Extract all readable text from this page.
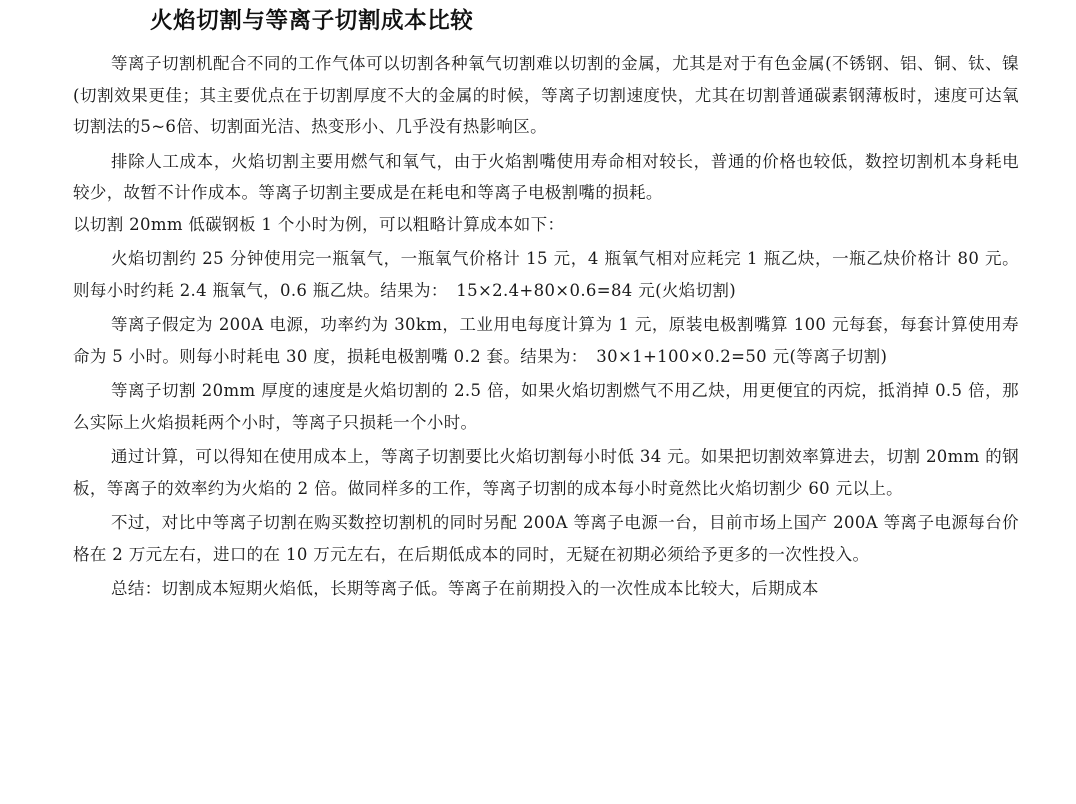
火焰切割与等离子切割成本比较

等离子切割机配合不同的工作气体可以切割各种氧气切割难以切割的金属，尤其是对于有色金属(不锈钢、铝、铜、钛、镍(切割效果更佳；其主要优点在于切割厚度不大的金属的时候，等离子切割速度快，尤其在切割普通碳素钢薄板时，速度可达氧切割法的5~6倍、切割面光洁、热变形小、几乎没有热影响区。

排除人工成本，火焰切割主要用燃气和氧气，由于火焰割嘴使用寿命相对较长，普通的价格也较低，数控切割机本身耗电较少，故暂不计作成本。等离子切割主要成是在耗电和等离子电极割嘴的损耗。

以切割 20mm 低碳钢板 1 个小时为例，可以粗略计算成本如下：

火焰切割约 25 分钟使用完一瓶氧气，一瓶氧气价格计 15 元，4 瓶氧气相对应耗完 1 瓶乙炔，一瓶乙炔价格计 80 元。则每小时约耗 2.4 瓶氧气，0.6 瓶乙炔。结果为：　15×2.4+80×0.6=84 元(火焰切割)

等离子假定为 200A 电源，功率约为 30km，工业用电每度计算为 1 元，原装电极割嘴算 100 元每套，每套计算使用寿命为 5 小时。则每小时耗电 30 度，损耗电极割嘴 0.2 套。结果为：　30×1+100×0.2=50 元(等离子切割)

等离子切割 20mm 厚度的速度是火焰切割的 2.5 倍，如果火焰切割燃气不用乙炔，用更便宜的丙烷，抵消掉 0.5 倍，那么实际上火焰损耗两个小时，等离子只损耗一个小时。

通过计算，可以得知在使用成本上，等离子切割要比火焰切割每小时低 34 元。如果把切割效率算进去，切割 20mm 的钢板，等离子的效率约为火焰的 2 倍。做同样多的工作，等离子切割的成本每小时竟然比火焰切割少 60 元以上。

不过，对比中等离子切割在购买数控切割机的同时另配 200A 等离子电源一台，目前市场上国产 200A 等离子电源每台价格在 2 万元左右，进口的在 10 万元左右，在后期低成本的同时，无疑在初期必须给予更多的一次性投入。

总结：切割成本短期火焰低，长期等离子低。等离子在前期投入的一次性成本比较大，后期成本
